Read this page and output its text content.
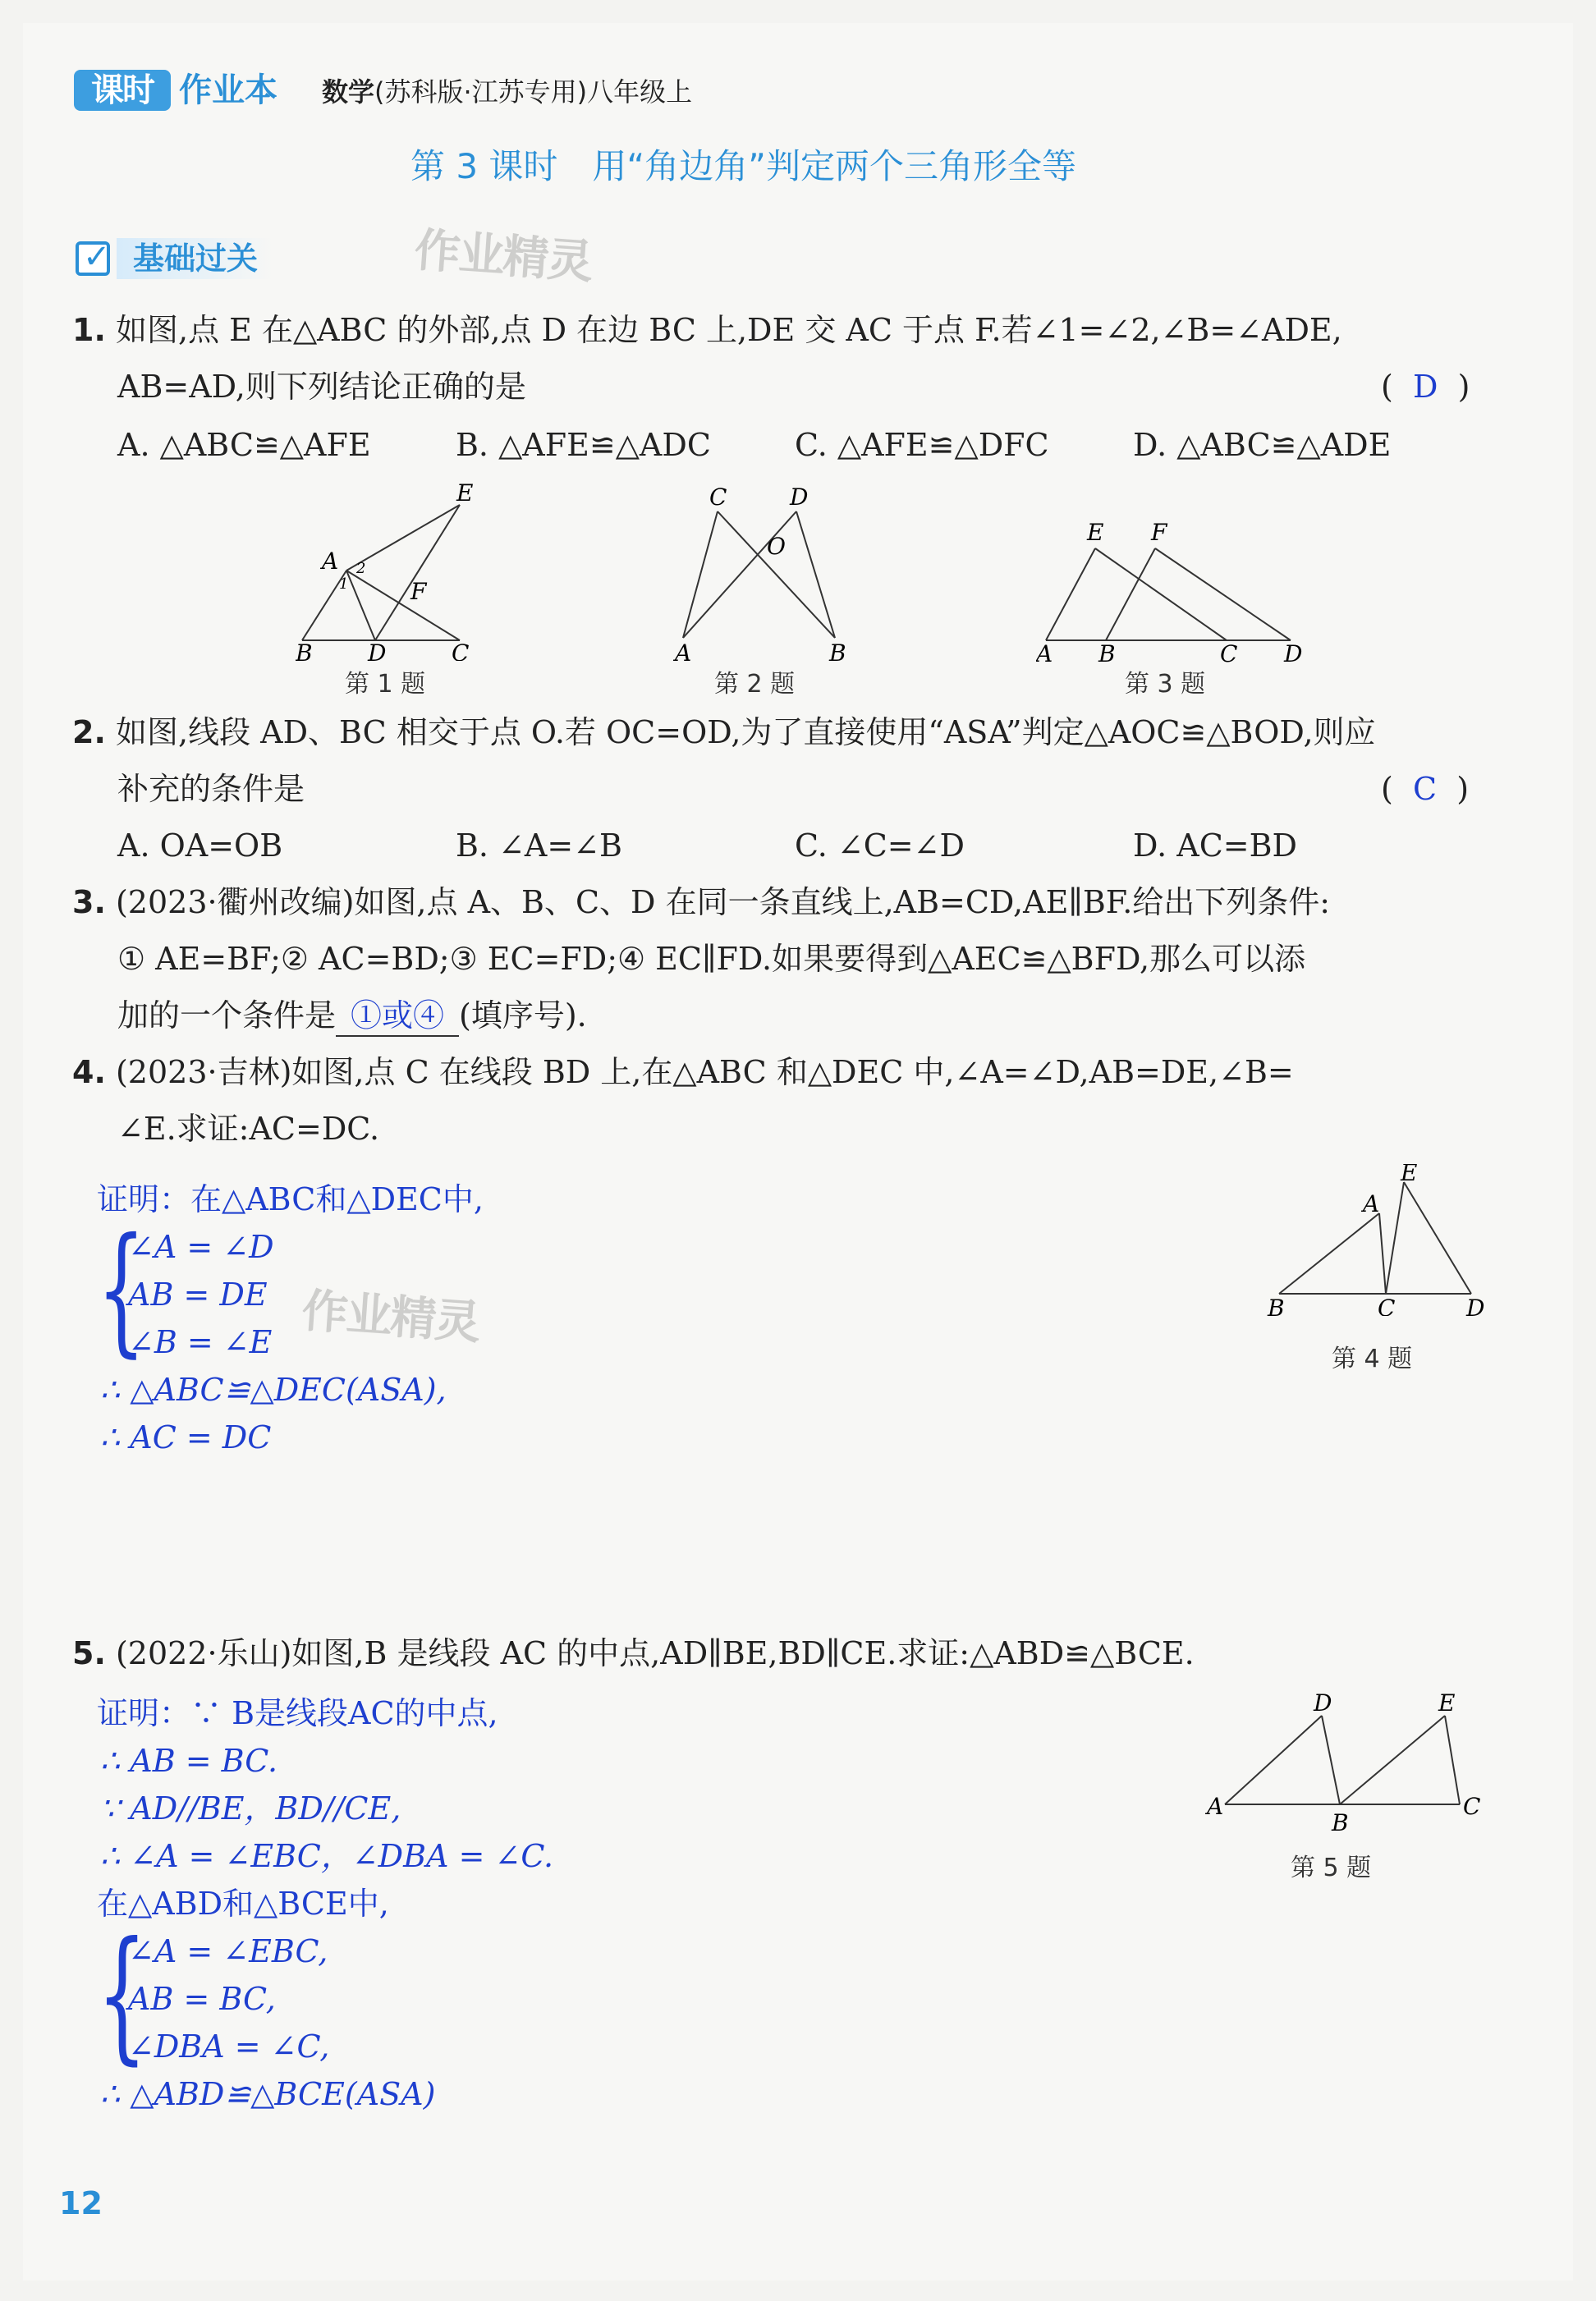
课时 作业本 数学(苏科版·江苏专用)八年级上
第 3 课时　用“角边角”判定两个三角形全等
✓ 基础过关	作业精灵
作业精灵
1. 如图,点 E 在△ABC 的外部,点 D 在边 BC 上,DE 交 AC 于点 F.若∠1=∠2,∠B=∠ADE,
AB=AD,则下列结论正确的是	(  D  )
A. △ABC≌△AFE	B. △AFE≌△ADC	C. △AFE≌△DFC	D. △ABC≌△ADE
E
A 2
1	F
B D	C
第 1 题
C	D
O
A	B
第 2 题
E F
A B	C D
第 3 题
2. 如图,线段 AD、BC 相交于点 O.若 OC=OD,为了直接使用“ASA”判定△AOC≌△BOD,则应
补充的条件是	(  C  )
A. OA=OB	B. ∠A=∠B	C. ∠C=∠D	D. AC=BD
3. (2023·衢州改编)如图,点 A、B、C、D 在同一条直线上,AB=CD,AE∥BF.给出下列条件:
① AE=BF;② AC=BD;③ EC=FD;④ EC∥FD.如果要得到△AEC≌△BFD,那么可以添
加的一个条件是 ①或④ (填序号).
4. (2023·吉林)如图,点 C 在线段 BD 上,在△ABC 和△DEC 中,∠A=∠D,AB=DE,∠B=
∠E.求证:AC=DC.
证明：在△ABC和△DEC中,
{
∠A = ∠D
AB = DE
∠B = ∠E
∴ △ABC≌△DEC(ASA),
∴ AC = DC
E
A
B	C	D
第 4 题
5. (2022·乐山)如图,B 是线段 AC 的中点,AD∥BE,BD∥CE.求证:△ABD≌△BCE.
证明：∵ B是线段AC的中点,
∴ AB = BC.
∵ AD//BE，BD//CE,
∴ ∠A = ∠EBC，∠DBA = ∠C.
在△ABD和△BCE中,
{
∠A = ∠EBC,
AB = BC,
∠DBA = ∠C,
∴ △ABD≌△BCE(ASA)
D	E
A
B
C
第 5 题
12
